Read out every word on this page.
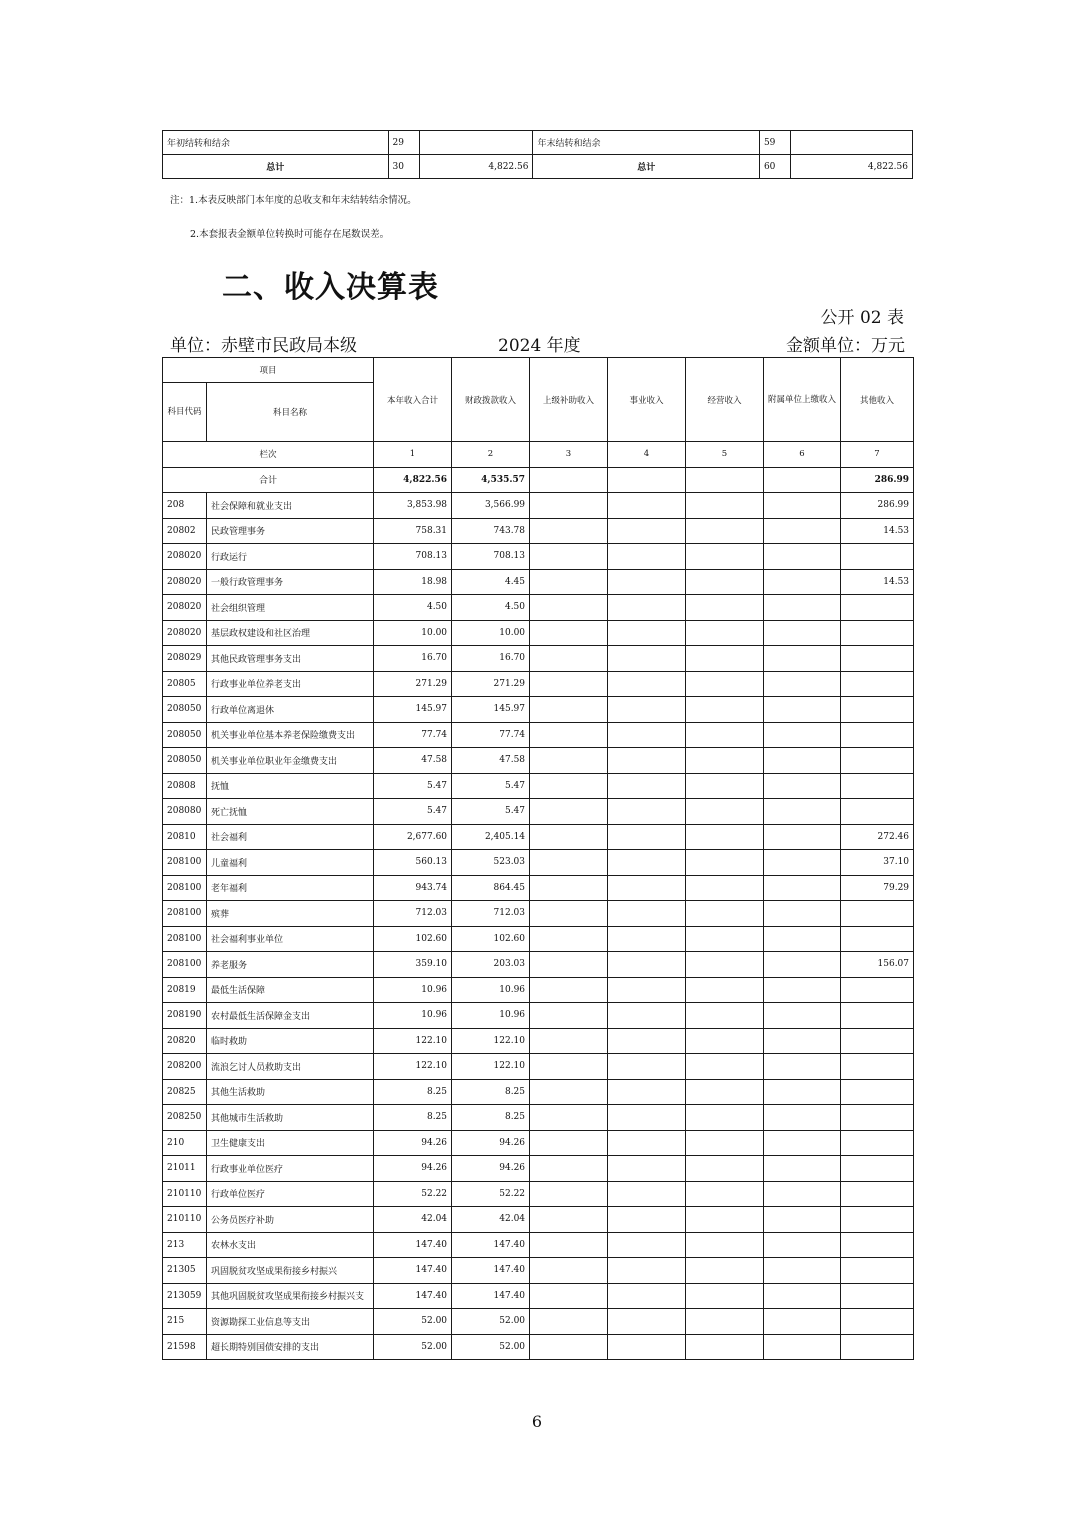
年初结转和结余	29		年末结转和结余	59	
总计	30	4,822.56	总计	60	4,822.56
注：1.本表反映部门本年度的总收支和年末结转结余情况。
2.本套报表金额单位转换时可能存在尾数误差。
二、收入决算表
公开 02 表
单位：赤壁市民政局本级	2024 年度	金额单位：万元
项目		本年收入合计	财政拨款收入	上级补助收入	事业收入	经营收入	附属单位上缴收入	其他收入
科目代码	科目名称							

栏次		1	2	3	4	5	6	7
合计		4,822.56	4,535.57					286.99
208	社会保障和就业支出	3,853.98	3,566.99					286.99
20802	民政管理事务	758.31	743.78					14.53
208020	行政运行	708.13	708.13					
208020	一般行政管理事务	18.98	4.45					14.53
208020	社会组织管理	4.50	4.50					
208020	基层政权建设和社区治理	10.00	10.00					
208029	其他民政管理事务支出	16.70	16.70					
20805	行政事业单位养老支出	271.29	271.29					
208050	行政单位离退休	145.97	145.97					
208050	机关事业单位基本养老保险缴费支出	77.74	77.74					
208050	机关事业单位职业年金缴费支出	47.58	47.58					
20808	抚恤	5.47	5.47					
208080	死亡抚恤	5.47	5.47					
20810	社会福利	2,677.60	2,405.14					272.46
208100	儿童福利	560.13	523.03					37.10
208100	老年福利	943.74	864.45					79.29
208100	殡葬	712.03	712.03					
208100	社会福利事业单位	102.60	102.60					
208100	养老服务	359.10	203.03					156.07
20819	最低生活保障	10.96	10.96					
208190	农村最低生活保障金支出	10.96	10.96					
20820	临时救助	122.10	122.10					
208200	流浪乞讨人员救助支出	122.10	122.10					
20825	其他生活救助	8.25	8.25					
208250	其他城市生活救助	8.25	8.25					
210	卫生健康支出	94.26	94.26					
21011	行政事业单位医疗	94.26	94.26					
210110	行政单位医疗	52.22	52.22					
210110	公务员医疗补助	42.04	42.04					
213	农林水支出	147.40	147.40					
21305	巩固脱贫攻坚成果衔接乡村振兴	147.40	147.40					
213059	其他巩固脱贫攻坚成果衔接乡村振兴支	147.40	147.40					
215	资源勘探工业信息等支出	52.00	52.00					
21598	超长期特别国债安排的支出	52.00	52.00					
6
